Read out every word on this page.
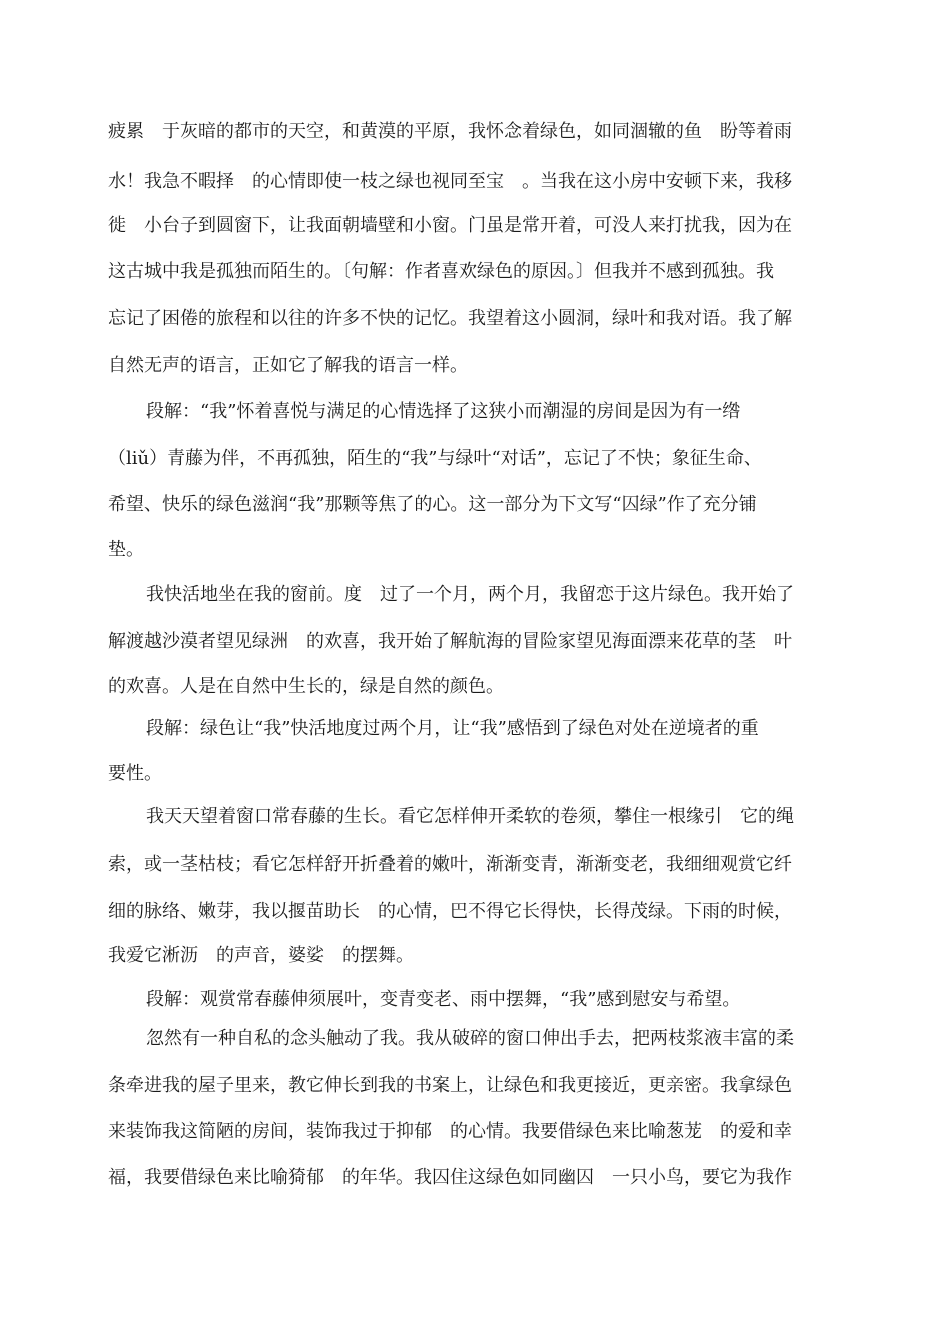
疲累　于灰暗的都市的天空，和黄漠的平原，我怀念着绿色，如同涸辙的鱼　盼等着雨
水！我急不暇择　的心情即使一枝之绿也视同至宝　。当我在这小房中安顿下来，我移
徙　小台子到圆窗下，让我面朝墙壁和小窗。门虽是常开着，可没人来打扰我，因为在
这古城中我是孤独而陌生的。〔句解：作者喜欢绿色的原因。〕但我并不感到孤独。我
忘记了困倦的旅程和以往的许多不快的记忆。我望着这小圆洞，绿叶和我对语。我了解
自然无声的语言，正如它了解我的语言一样。
段解：“我”怀着喜悦与满足的心情选择了这狭小而潮湿的房间是因为有一绺
（liǔ）青藤为伴，不再孤独，陌生的“我”与绿叶“对话”，忘记了不快；象征生命、
希望、快乐的绿色滋润“我”那颗等焦了的心。这一部分为下文写“囚绿”作了充分铺
垫。
我快活地坐在我的窗前。度　过了一个月，两个月，我留恋于这片绿色。我开始了
解渡越沙漠者望见绿洲　的欢喜，我开始了解航海的冒险家望见海面漂来花草的茎　叶
的欢喜。人是在自然中生长的，绿是自然的颜色。
段解：绿色让“我”快活地度过两个月，让“我”感悟到了绿色对处在逆境者的重
要性。
我天天望着窗口常春藤的生长。看它怎样伸开柔软的卷须，攀住一根缘引　它的绳
索，或一茎枯枝；看它怎样舒开折叠着的嫩叶，渐渐变青，渐渐变老，我细细观赏它纤
细的脉络、嫩芽，我以揠苗助长　的心情，巴不得它长得快，长得茂绿。下雨的时候，
我爱它淅沥　的声音，婆娑　的摆舞。
段解：观赏常春藤伸须展叶，变青变老、雨中摆舞，“我”感到慰安与希望。
忽然有一种自私的念头触动了我。我从破碎的窗口伸出手去，把两枝浆液丰富的柔
条牵进我的屋子里来，教它伸长到我的书案上，让绿色和我更接近，更亲密。我拿绿色
来装饰我这简陋的房间，装饰我过于抑郁　的心情。我要借绿色来比喻葱茏　的爱和幸
福，我要借绿色来比喻猗郁　的年华。我囚住这绿色如同幽囚　一只小鸟，要它为我作
